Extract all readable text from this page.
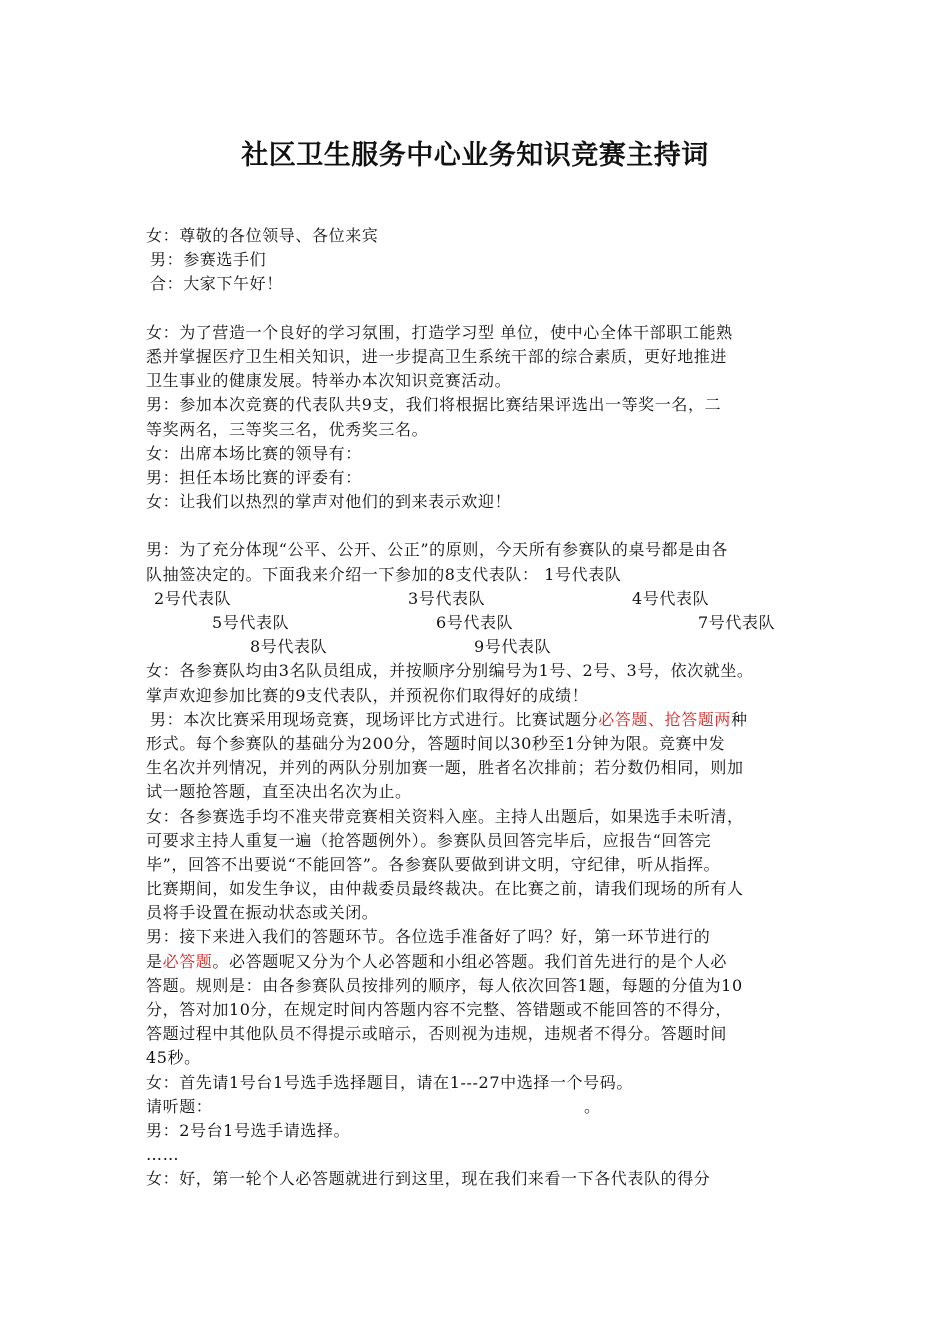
社区卫生服务中心业务知识竞赛主持词
女：尊敬的各位领导、各位来宾
男：参赛选手们
合：大家下午好！
女：为了营造一个良好的学习氛围，打造学习型 单位，使中心全体干部职工能熟
悉并掌握医疗卫生相关知识，进一步提高卫生系统干部的综合素质，更好地推进
卫生事业的健康发展。特举办本次知识竞赛活动。
男：参加本次竞赛的代表队共9支，我们将根据比赛结果评选出一等奖一名，二
等奖两名，三等奖三名，优秀奖三名。
女：出席本场比赛的领导有：
男：担任本场比赛的评委有：
女：让我们以热烈的掌声对他们的到来表示欢迎！
男：为了充分体现“公平、公开、公正”的原则，今天所有参赛队的桌号都是由各
队抽签决定的。下面我来介绍一下参加的8支代表队： 1号代表队
2号代表队	3号代表队	4号代表队
5号代表队	6号代表队	7号代表队
8号代表队	9号代表队
女：各参赛队均由3名队员组成，并按顺序分别编号为1号、2号、3号，依次就坐。
掌声欢迎参加比赛的9支代表队，并预祝你们取得好的成绩！
男：本次比赛采用现场竞赛，现场评比方式进行。比赛试题分必答题、抢答题两种
形式。每个参赛队的基础分为200分，答题时间以30秒至1分钟为限。竞赛中发
生名次并列情况，并列的两队分别加赛一题，胜者名次排前；若分数仍相同，则加
试一题抢答题，直至决出名次为止。
女：各参赛选手均不准夹带竞赛相关资料入座。主持人出题后，如果选手未听清，
可要求主持人重复一遍（抢答题例外）。参赛队员回答完毕后，应报告“回答完
毕”，回答不出要说“不能回答”。各参赛队要做到讲文明，守纪律，听从指挥。
比赛期间，如发生争议，由仲裁委员最终裁决。在比赛之前，请我们现场的所有人
员将手设置在振动状态或关闭。
男：接下来进入我们的答题环节。各位选手准备好了吗？好，第一环节进行的
是必答题。必答题呢又分为个人必答题和小组必答题。我们首先进行的是个人必
答题。规则是：由各参赛队员按排列的顺序，每人依次回答1题，每题的分值为10
分，答对加10分，在规定时间内答题内容不完整、答错题或不能回答的不得分，
答题过程中其他队员不得提示或暗示，否则视为违规，违规者不得分。答题时间
45秒。
女：首先请1号台1号选手选择题目，请在1---27中选择一个号码。
请听题：	。
男：2号台1号选手请选择。
……
女：好，第一轮个人必答题就进行到这里，现在我们来看一下各代表队的得分
